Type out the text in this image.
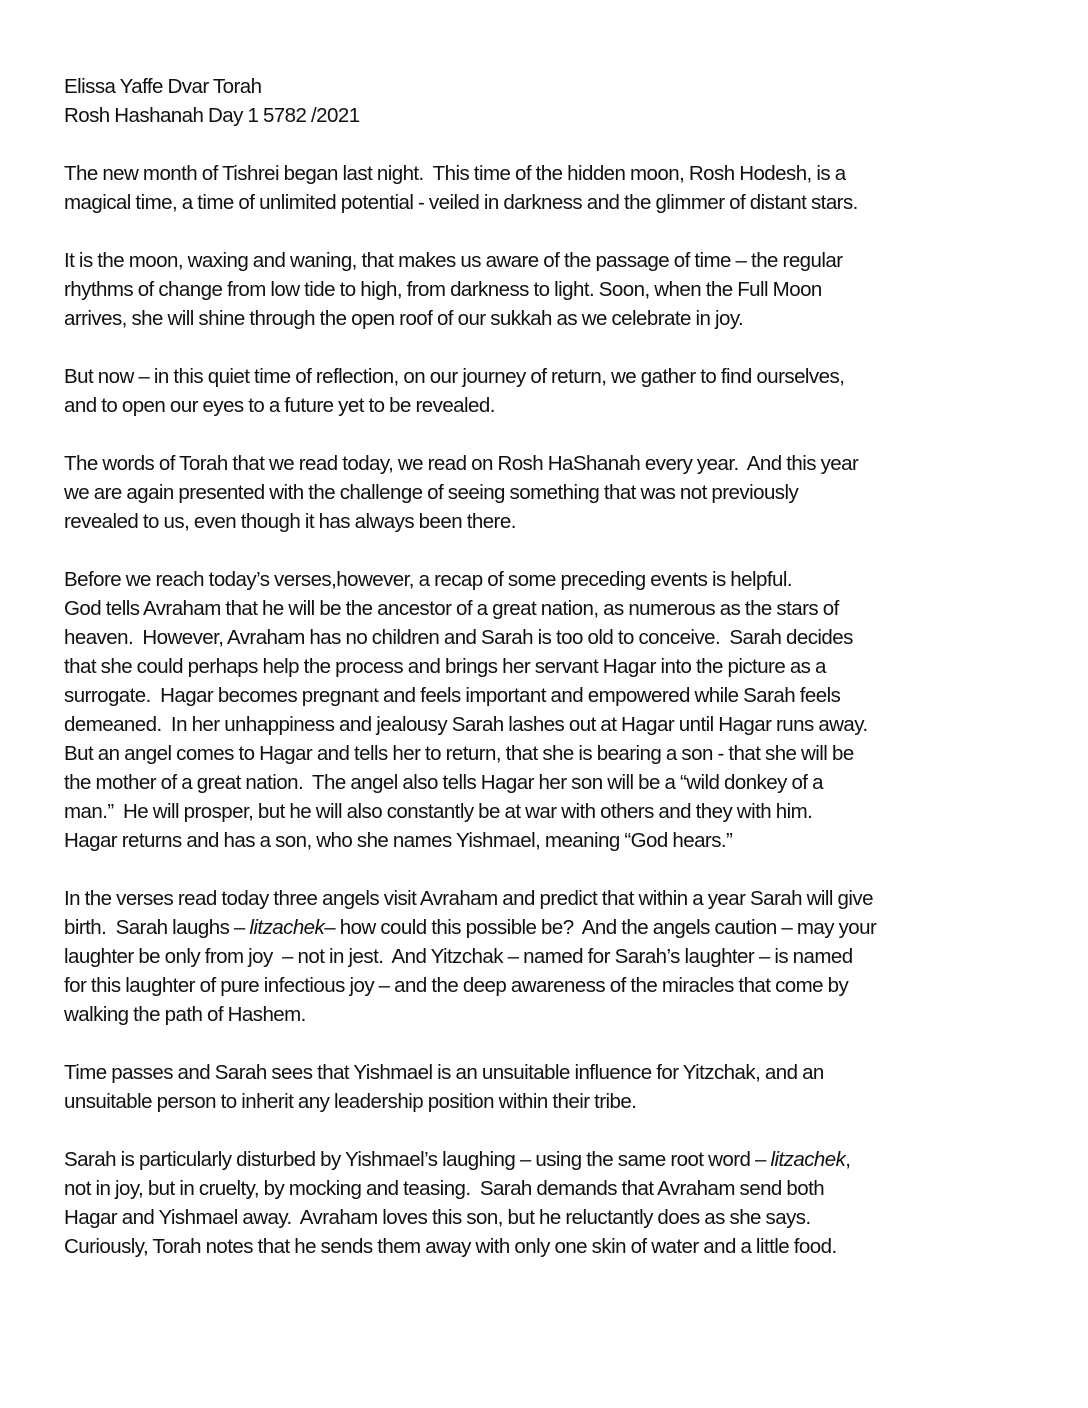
Elissa Yaffe Dvar Torah
Rosh Hashanah Day 1 5782 /2021
The new month of Tishrei began last night.  This time of the hidden moon, Rosh Hodesh, is a
magical time, a time of unlimited potential - veiled in darkness and the glimmer of distant stars.
It is the moon, waxing and waning, that makes us aware of the passage of time – the regular
rhythms of change from low tide to high, from darkness to light. Soon, when the Full Moon
arrives, she will shine through the open roof of our sukkah as we celebrate in joy.
But now – in this quiet time of reflection, on our journey of return, we gather to find ourselves,
and to open our eyes to a future yet to be revealed.
The words of Torah that we read today, we read on Rosh HaShanah every year.  And this year
we are again presented with the challenge of seeing something that was not previously
revealed to us, even though it has always been there.
Before we reach today’s verses,however, a recap of some preceding events is helpful.
God tells Avraham that he will be the ancestor of a great nation, as numerous as the stars of
heaven.  However, Avraham has no children and Sarah is too old to conceive.  Sarah decides
that she could perhaps help the process and brings her servant Hagar into the picture as a
surrogate.  Hagar becomes pregnant and feels important and empowered while Sarah feels
demeaned.  In her unhappiness and jealousy Sarah lashes out at Hagar until Hagar runs away.
But an angel comes to Hagar and tells her to return, that she is bearing a son - that she will be
the mother of a great nation.  The angel also tells Hagar her son will be a “wild donkey of a
man.”  He will prosper, but he will also constantly be at war with others and they with him.
Hagar returns and has a son, who she names Yishmael, meaning “God hears.”
In the verses read today three angels visit Avraham and predict that within a year Sarah will give
birth.  Sarah laughs – litzachek– how could this possible be?  And the angels caution – may your
laughter be only from joy  – not in jest.  And Yitzchak – named for Sarah’s laughter – is named
for this laughter of pure infectious joy – and the deep awareness of the miracles that come by
walking the path of Hashem.
Time passes and Sarah sees that Yishmael is an unsuitable influence for Yitzchak, and an
unsuitable person to inherit any leadership position within their tribe.
Sarah is particularly disturbed by Yishmael’s laughing – using the same root word – litzachek,
not in joy, but in cruelty, by mocking and teasing.  Sarah demands that Avraham send both
Hagar and Yishmael away.  Avraham loves this son, but he reluctantly does as she says.
Curiously, Torah notes that he sends them away with only one skin of water and a little food.
